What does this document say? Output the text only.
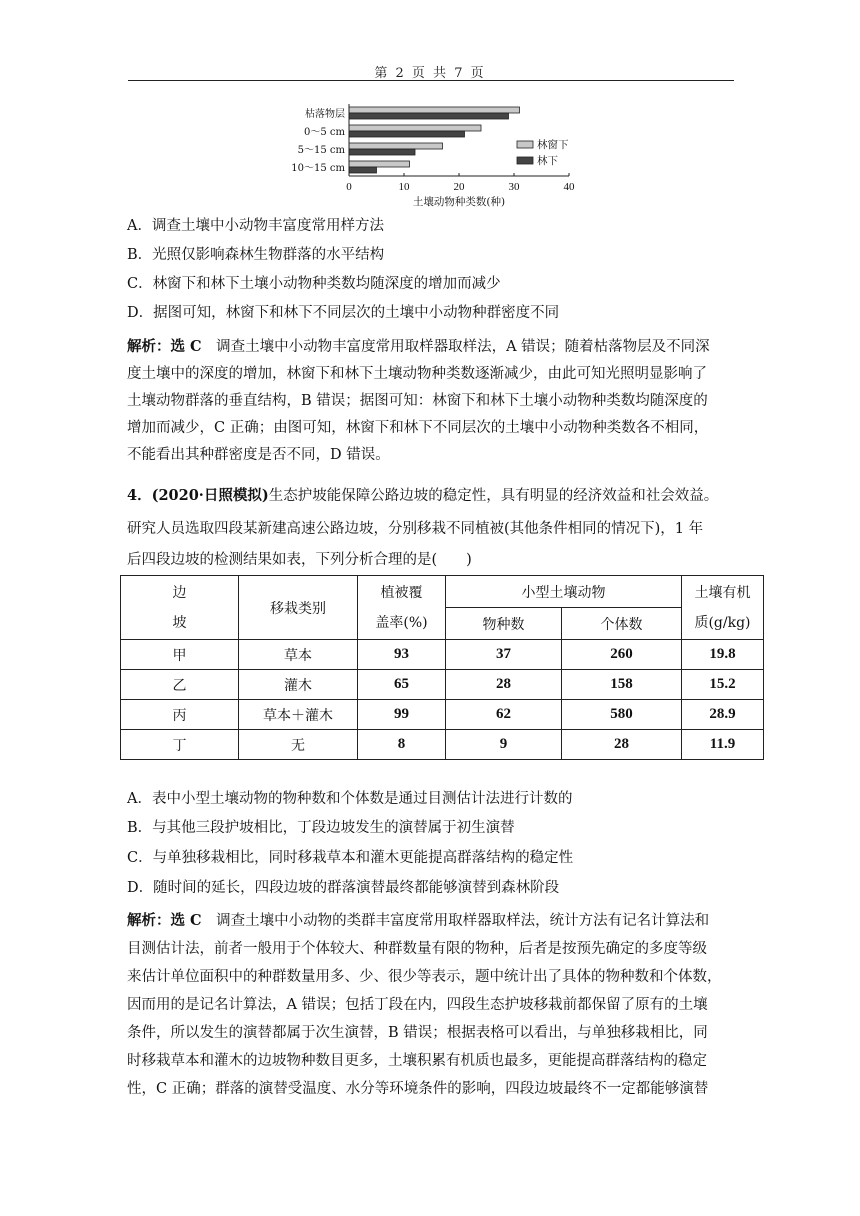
第 2 页 共 7 页
0	10	20	30	40
枯落物层
0～5 cm
5～15 cm
10～15 cm
土壤动物种类数(种)
林窗下
林下
A．调查土壤中小动物丰富度常用样方法
B．光照仅影响森林生物群落的水平结构
C．林窗下和林下土壤小动物种类数均随深度的增加而减少
D．据图可知，林窗下和林下不同层次的土壤中小动物种群密度不同
解析：选 C　调查土壤中小动物丰富度常用取样器取样法，A 错误；随着枯落物层及不同深
度土壤中的深度的增加，林窗下和林下土壤动物种类数逐渐减少，由此可知光照明显影响了
土壤动物群落的垂直结构，B 错误；据图可知：林窗下和林下土壤小动物种类数均随深度的
增加而减少，C 正确；由图可知，林窗下和林下不同层次的土壤中小动物种类数各不相同，
不能看出其种群密度是否不同，D 错误。
4．(2020·日照模拟)生态护坡能保障公路边坡的稳定性，具有明显的经济效益和社会效益。
研究人员选取四段某新建高速公路边坡，分别移栽不同植被(其他条件相同的情况下)，1 年
后四段边坡的检测结果如表，下列分析合理的是(　　)
A．表中小型土壤动物的物种数和个体数是通过目测估计法进行计数的
B．与其他三段护坡相比，丁段边坡发生的演替属于初生演替
C．与单独移栽相比，同时移栽草本和灌木更能提高群落结构的稳定性
D．随时间的延长，四段边坡的群落演替最终都能够演替到森林阶段
解析：选 C　调查土壤中小动物的类群丰富度常用取样器取样法，统计方法有记名计算法和
目测估计法，前者一般用于个体较大、种群数量有限的物种，后者是按预先确定的多度等级
来估计单位面积中的种群数量用多、少、很少等表示，题中统计出了具体的物种数和个体数，
因而用的是记名计算法，A 错误；包括丁段在内，四段生态护坡移栽前都保留了原有的土壤
条件，所以发生的演替都属于次生演替，B 错误；根据表格可以看出，与单独移栽相比，同
时移栽草本和灌木的边坡物种数目更多，土壤积累有机质也最多，更能提高群落结构的稳定
性，C 正确；群落的演替受温度、水分等环境条件的影响，四段边坡最终不一定都能够演替
边
坡	移栽类别	植被覆
盖率(%)	小型土壤动物		土壤有机
质(g/kg)
			物种数	个体数	
甲	草本	93	37	260	19.8
乙	灌木	65	28	158	15.2
丙	草本＋灌木	99	62	580	28.9
丁	无	8	9	28	11.9
